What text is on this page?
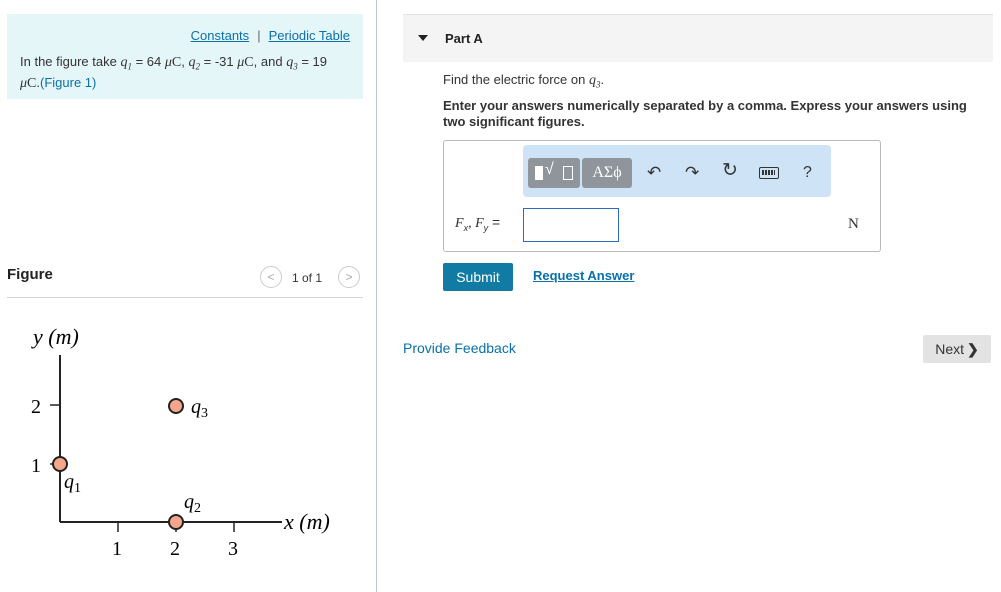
Constants | Periodic Table
In the figure take $q_1 = 64$ μC, $q_2 = -31$ μC, and $q_3 = 19$ μC.(Figure 1)
Figure	<	1 of 1	>
y (m)
x (m)
2
1
1 2 3
$q_1$
$q_2$
$q_3$
Part A
Find the electric force on $q_3$.
Enter your answers numerically separated by a comma. Express your answers using two significant figures.
√	ΑΣϕ	↶ ↷ ↻	?
$F_x$, $F_y$ =	N
Submit	Request Answer
Provide Feedback	Next ❯
